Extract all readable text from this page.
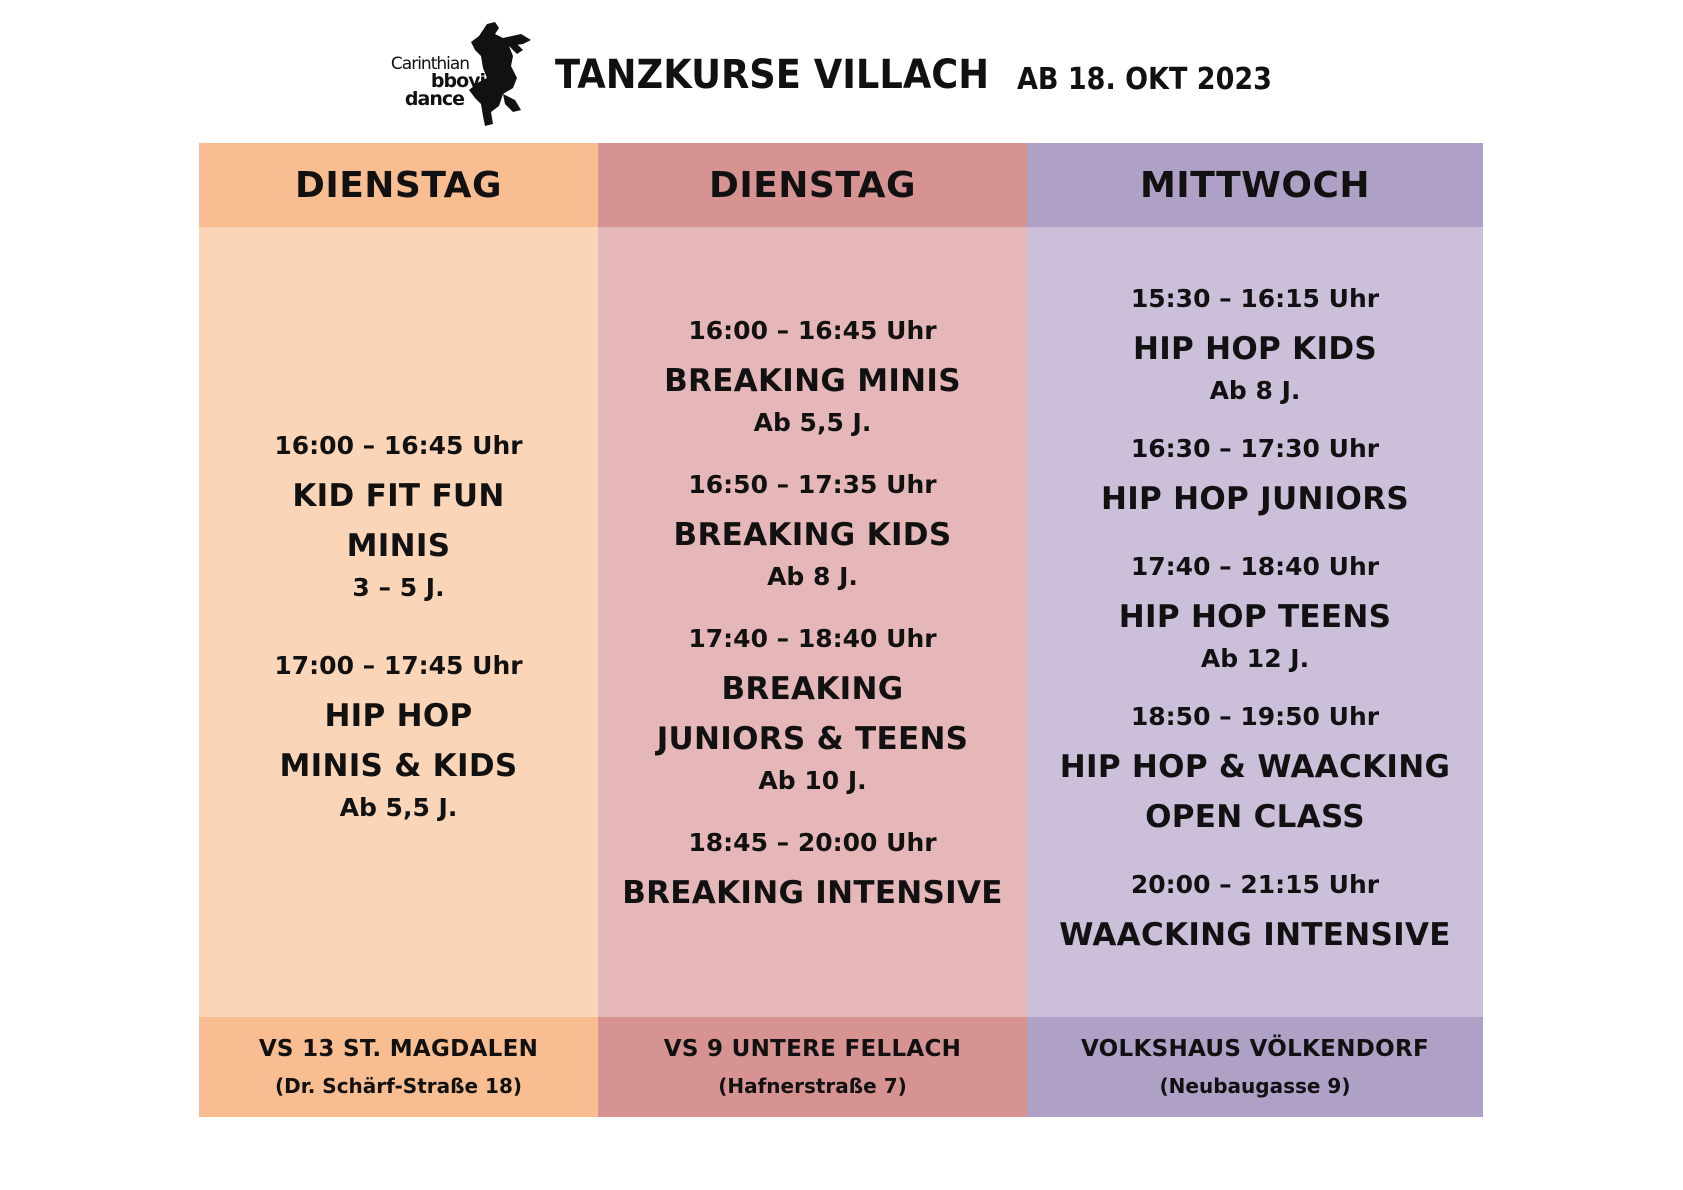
Carinthian
bboyin
dance
TANZKURSE VILLACH AB 18. OKT 2023
DIENSTAG
16:00 – 16:45 Uhr
KID FIT FUN
MINIS
3 – 5 J.
17:00 – 17:45 Uhr
HIP HOP
MINIS & KIDS
Ab 5,5 J.
VS 13 ST. MAGDALEN
(Dr. Schärf-Straße 18)
DIENSTAG
16:00 – 16:45 Uhr
BREAKING MINIS
Ab 5,5 J.
16:50 – 17:35 Uhr
BREAKING KIDS
Ab 8 J.
17:40 – 18:40 Uhr
BREAKING
JUNIORS & TEENS
Ab 10 J.
18:45 – 20:00 Uhr
BREAKING INTENSIVE
VS 9 UNTERE FELLACH
(Hafnerstraße 7)
MITTWOCH
15:30 – 16:15 Uhr
HIP HOP KIDS
Ab 8 J.
16:30 – 17:30 Uhr
HIP HOP JUNIORS
17:40 – 18:40 Uhr
HIP HOP TEENS
Ab 12 J.
18:50 – 19:50 Uhr
HIP HOP & WAACKING
OPEN CLASS
20:00 – 21:15 Uhr
WAACKING INTENSIVE
VOLKSHAUS VÖLKENDORF
(Neubaugasse 9)
